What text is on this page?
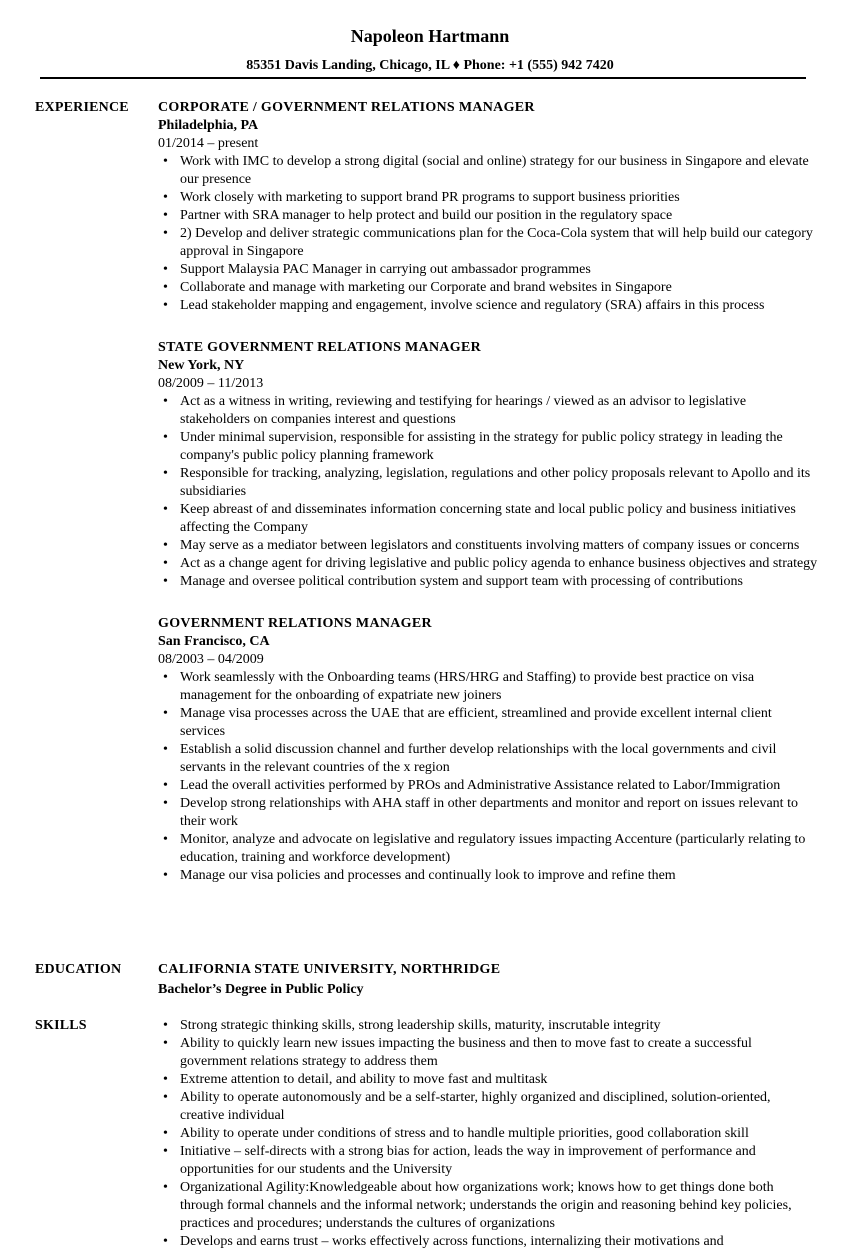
Napoleon Hartmann
85351 Davis Landing, Chicago, IL ♦ Phone: +1 (555) 942 7420
EXPERIENCE CORPORATE / GOVERNMENT RELATIONS MANAGER
Philadelphia, PA
01/2014 – present
• Work with IMC to develop a strong digital (social and online) strategy for our business in Singapore and elevate our presence
• Work closely with marketing to support brand PR programs to support business priorities
• Partner with SRA manager to help protect and build our position in the regulatory space
• 2) Develop and deliver strategic communications plan for the Coca-Cola system that will help build our category approval in Singapore
• Support Malaysia PAC Manager in carrying out ambassador programmes
• Collaborate and manage with marketing our Corporate and brand websites in Singapore
• Lead stakeholder mapping and engagement, involve science and regulatory (SRA) affairs in this process
STATE GOVERNMENT RELATIONS MANAGER
New York, NY
08/2009 – 11/2013
• Act as a witness in writing, reviewing and testifying for hearings / viewed as an advisor to legislative stakeholders on companies interest and questions
• Under minimal supervision, responsible for assisting in the strategy for public policy strategy in leading the company's public policy planning framework
• Responsible for tracking, analyzing, legislation, regulations and other policy proposals relevant to Apollo and its subsidiaries
• Keep abreast of and disseminates information concerning state and local public policy and business initiatives affecting the Company
• May serve as a mediator between legislators and constituents involving matters of company issues or concerns
• Act as a change agent for driving legislative and public policy agenda to enhance business objectives and strategy
• Manage and oversee political contribution system and support team with processing of contributions
GOVERNMENT RELATIONS MANAGER
San Francisco, CA
08/2003 – 04/2009
• Work seamlessly with the Onboarding teams (HRS/HRG and Staffing) to provide best practice on visa management for the onboarding of expatriate new joiners
• Manage visa processes across the UAE that are efficient, streamlined and provide excellent internal client services
• Establish a solid discussion channel and further develop relationships with the local governments and civil servants in the relevant countries of the x region
• Lead the overall activities performed by PROs and Administrative Assistance related to Labor/Immigration
• Develop strong relationships with AHA staff in other departments and monitor and report on issues relevant to their work
• Monitor, analyze and advocate on legislative and regulatory issues impacting Accenture (particularly relating to education, training and workforce development)
• Manage our visa policies and processes and continually look to improve and refine them
EDUCATION	CALIFORNIA STATE UNIVERSITY, NORTHRIDGE
Bachelor’s Degree in Public Policy
SKILLS	• Strong strategic thinking skills, strong leadership skills, maturity, inscrutable integrity
• Ability to quickly learn new issues impacting the business and then to move fast to create a successful government relations strategy to address them
• Extreme attention to detail, and ability to move fast and multitask
• Ability to operate autonomously and be a self-starter, highly organized and disciplined, solution-oriented, creative individual
• Ability to operate under conditions of stress and to handle multiple priorities, good collaboration skill
• Initiative – self-directs with a strong bias for action, leads the way in improvement of performance and opportunities for our students and the University
• Organizational Agility:Knowledgeable about how organizations work; knows how to get things done both through formal channels and the informal network; understands the origin and reasoning behind key policies, practices and procedures; understands the cultures of organizations
• Develops and earns trust – works effectively across functions, internalizing their motivations and
